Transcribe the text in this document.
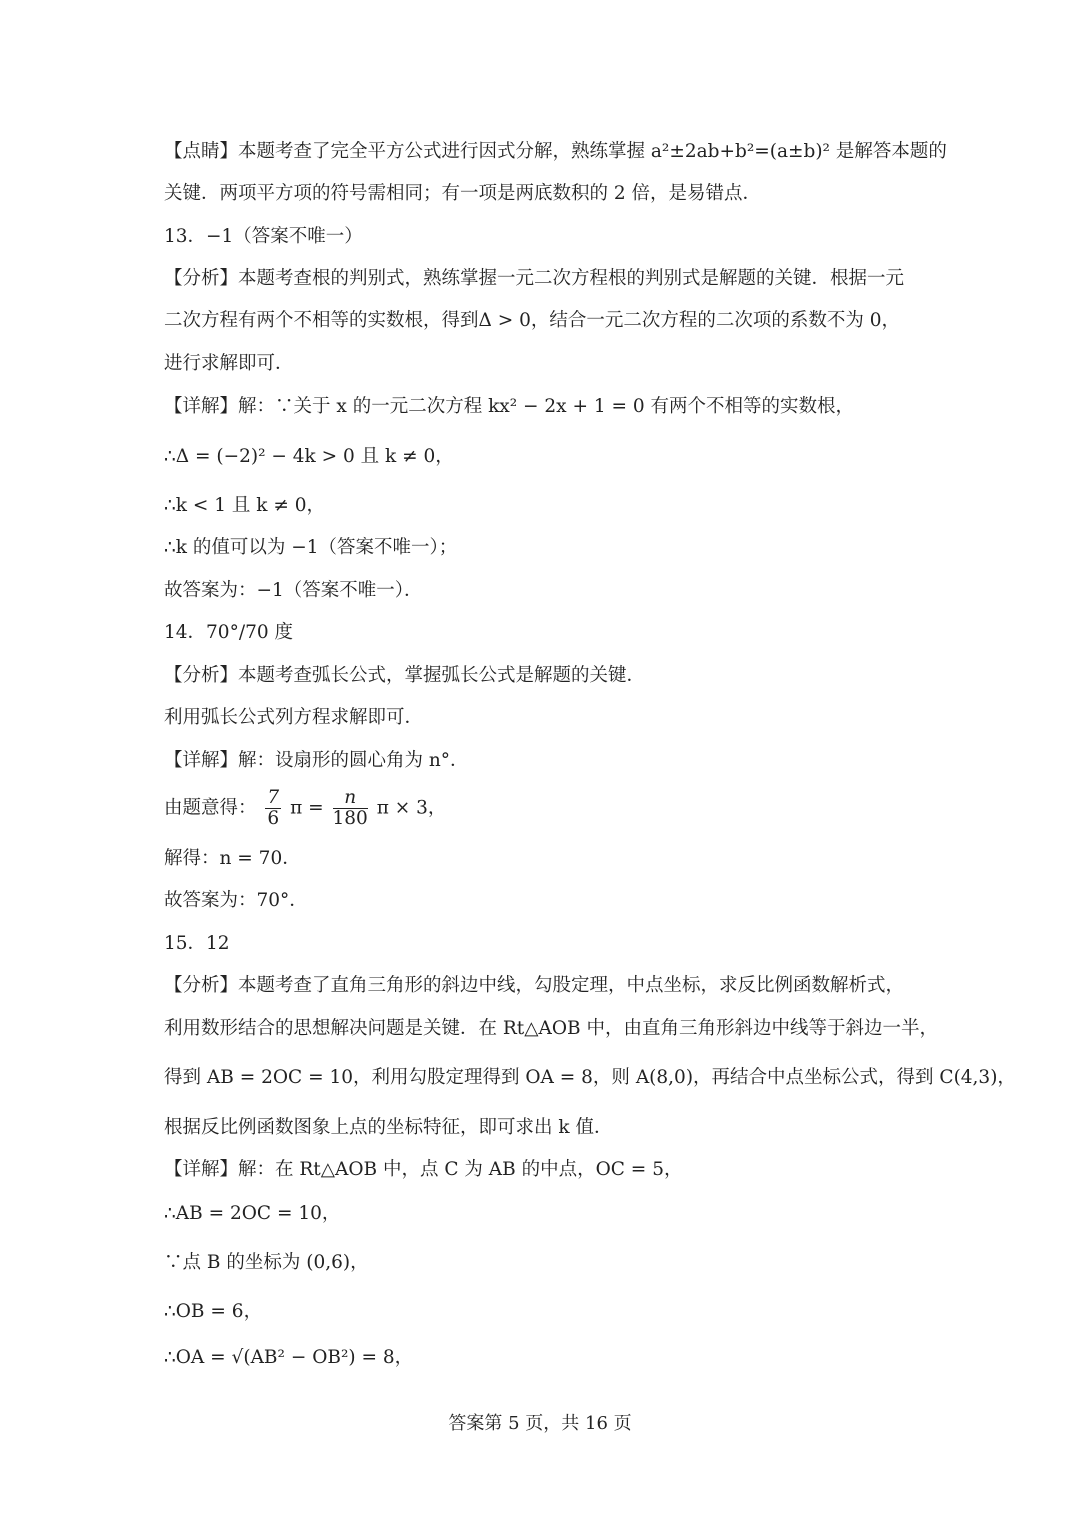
【点睛】本题考查了完全平方公式进行因式分解，熟练掌握 a²±2ab+b²=(a±b)² 是解答本题的
关键．两项平方项的符号需相同；有一项是两底数积的 2 倍，是易错点．
13．−1（答案不唯一）
【分析】本题考查根的判别式，熟练掌握一元二次方程根的判别式是解题的关键．根据一元
二次方程有两个不相等的实数根，得到Δ > 0，结合一元二次方程的二次项的系数不为 0，
进行求解即可．
【详解】解：∵关于 x 的一元二次方程 kx² − 2x + 1 = 0 有两个不相等的实数根，
∴Δ = (−2)² − 4k > 0 且 k ≠ 0，
∴k < 1 且 k ≠ 0，
∴k 的值可以为 −1（答案不唯一）；
故答案为：−1（答案不唯一）．
14．70°/70 度
【分析】本题考查弧长公式，掌握弧长公式是解题的关键．
利用弧长公式列方程求解即可．
【详解】解：设扇形的圆心角为 n°．
由题意得： $\frac{7}{6}$ $\pi = \frac{n}{180}$ π × 3，
解得：n = 70．
故答案为：70°．
15．12
【分析】本题考查了直角三角形的斜边中线，勾股定理，中点坐标，求反比例函数解析式，
利用数形结合的思想解决问题是关键．在 Rt△AOB 中，由直角三角形斜边中线等于斜边一半，
得到 AB = 2OC = 10，利用勾股定理得到 OA = 8，则 A(8,0)，再结合中点坐标公式，得到 C(4,3)，
根据反比例函数图象上点的坐标特征，即可求出 k 值．
【详解】解：在 Rt△AOB 中，点 C 为 AB 的中点，OC = 5，
∴AB = 2OC = 10，
∵点 B 的坐标为 (0,6)，
∴OB = 6，
∴OA = √(AB² − OB²) = 8，
答案第 5 页，共 16 页
